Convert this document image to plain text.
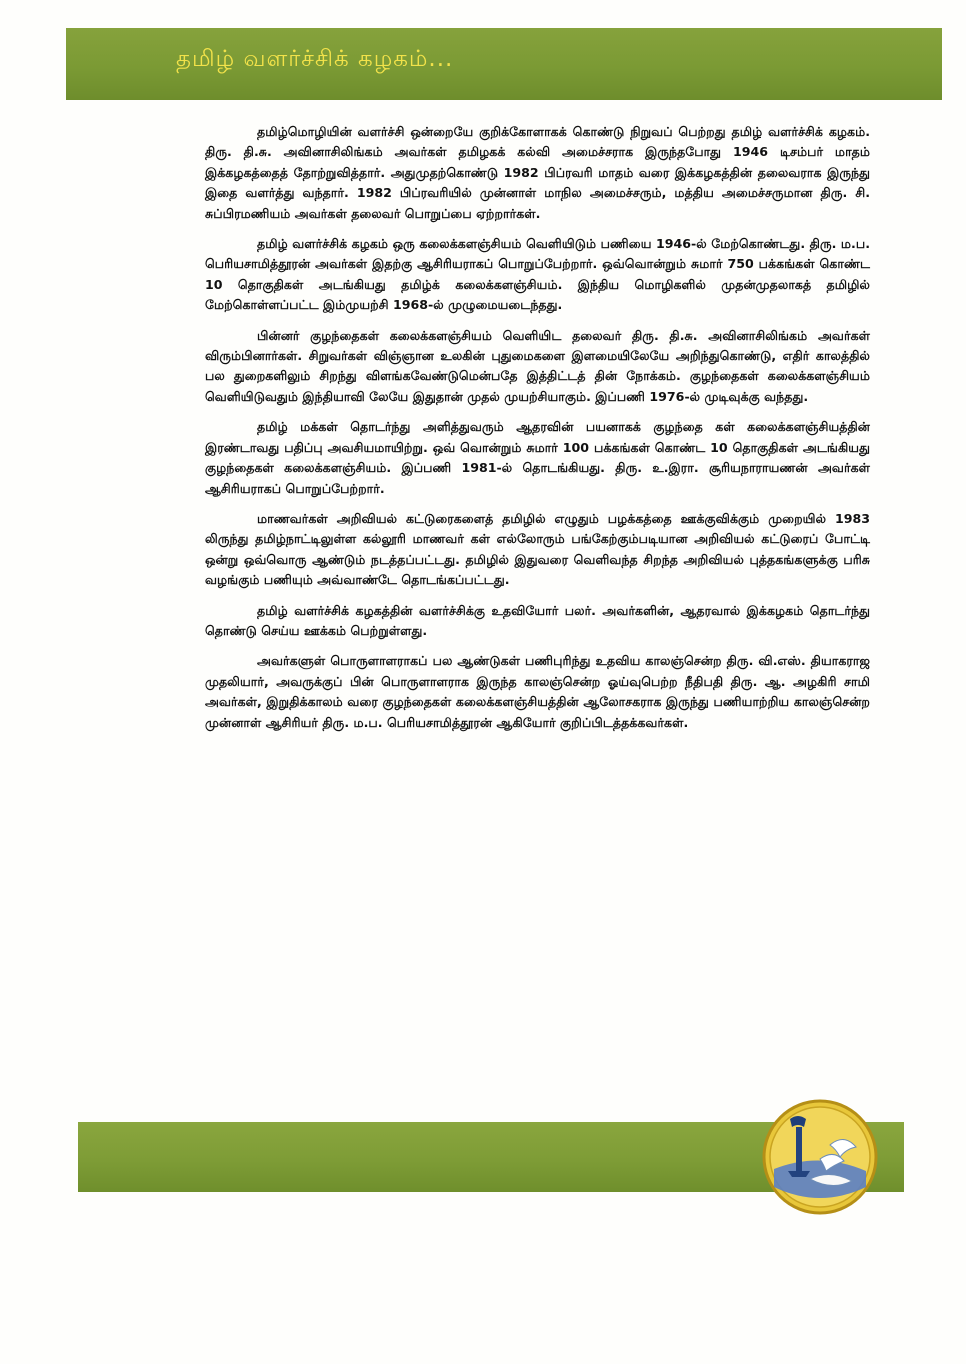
தமிழ் வளர்ச்சிக் கழகம்...

தமிழ்மொழியின் வளர்ச்சி ஒன்றையே குறிக்கோளாகக் கொண்டு நிறுவப் பெற்றது தமிழ் வளர்ச்சிக் கழகம். திரு. தி.சு. அவினாசிலிங்கம் அவர்கள் தமிழகக் கல்வி அமைச்சராக இருந்தபோது 1946 டிசம்பர் மாதம் இக்கழகத்தைத் தோற்றுவித்தார். அதுமுதற்கொண்டு 1982 பிப்ரவரி மாதம் வரை இக்கழகத்தின் தலைவராக இருந்து இதை வளர்த்து வந்தார். 1982 பிப்ரவரியில் முன்னாள் மாநில அமைச்சரும், மத்திய அமைச்சருமான திரு. சி. சுப்பிரமணியம் அவர்கள் தலைவர் பொறுப்பை ஏற்றார்கள்.

தமிழ் வளர்ச்சிக் கழகம் ஒரு கலைக்களஞ்சியம் வெளியிடும் பணியை 1946-ல் மேற்கொண்டது. திரு. ம.ப. பெரியசாமித்தூரன் அவர்கள் இதற்கு ஆசிரியராகப் பொறுப்பேற்றார். ஒவ்வொன்றும் சுமார் 750 பக்கங்கள் கொண்ட 10 தொகுதிகள் அடங்கியது தமிழ்க் கலைக்களஞ்சியம். இந்திய மொழிகளில் முதன்முதலாகத் தமிழில் மேற்கொள்ளப்பட்ட இம்முயற்சி 1968-ல் முழுமையடைந்தது.

பின்னர் குழந்தைகள் கலைக்களஞ்சியம் வெளியிட தலைவர் திரு. தி.சு. அவினாசிலிங்கம் அவர்கள் விரும்பினார்கள். சிறுவர்கள் விஞ்ஞான உலகின் புதுமைகளை இளமையிலேயே அறிந்துகொண்டு, எதிர் காலத்தில் பல துறைகளிலும் சிறந்து விளங்கவேண்டுமென்பதே இத்திட்டத் தின் நோக்கம். குழந்தைகள் கலைக்களஞ்சியம் வெளியிடுவதும் இந்தியாவி லேயே இதுதான் முதல் முயற்சியாகும். இப்பணி 1976-ல் முடிவுக்கு வந்தது.

தமிழ் மக்கள் தொடர்ந்து அளித்துவரும் ஆதரவின் பயனாகக் குழந்தை கள் கலைக்களஞ்சியத்தின் இரண்டாவது பதிப்பு அவசியமாயிற்று. ஒவ் வொன்றும் சுமார் 100 பக்கங்கள் கொண்ட 10 தொகுதிகள் அடங்கியது குழந்தைகள் கலைக்களஞ்சியம். இப்பணி 1981-ல் தொடங்கியது. திரு. உ.இரா. சூரியநாராயணன் அவர்கள் ஆசிரியராகப் பொறுப்பேற்றார்.

மாணவர்கள் அறிவியல் கட்டுரைகளைத் தமிழில் எழுதும் பழக்கத்தை ஊக்குவிக்கும் முறையில் 1983 லிருந்து தமிழ்நாட்டிலுள்ள கல்லூரி மாணவர் கள் எல்லோரும் பங்கேற்கும்படியான அறிவியல் கட்டுரைப் போட்டி ஒன்று ஒவ்வொரு ஆண்டும் நடத்தப்பட்டது. தமிழில் இதுவரை வெளிவந்த சிறந்த அறிவியல் புத்தகங்களுக்கு பரிசு வழங்கும் பணியும் அவ்வாண்டே தொடங்கப்பட்டது.

தமிழ் வளர்ச்சிக் கழகத்தின் வளர்ச்சிக்கு உதவியோர் பலர். அவர்களின், ஆதரவால் இக்கழகம் தொடர்ந்து தொண்டு செய்ய ஊக்கம் பெற்றுள்ளது.

அவர்களுள் பொருளாளராகப் பல ஆண்டுகள் பணிபுரிந்து உதவிய காலஞ்சென்ற திரு. வி.எஸ். தியாகராஜ முதலியார், அவருக்குப் பின் பொருளாளராக இருந்த காலஞ்சென்ற ஓய்வுபெற்ற நீதிபதி திரு. ஆ. அழகிரி சாமி அவர்கள், இறுதிக்காலம் வரை குழந்தைகள் கலைக்களஞ்சியத்தின் ஆலோசகராக இருந்து பணியாற்றிய காலஞ்சென்ற முன்னாள் ஆசிரியர் திரு. ம.ப. பெரியசாமித்தூரன் ஆகியோர் குறிப்பிடத்தக்கவர்கள்.
